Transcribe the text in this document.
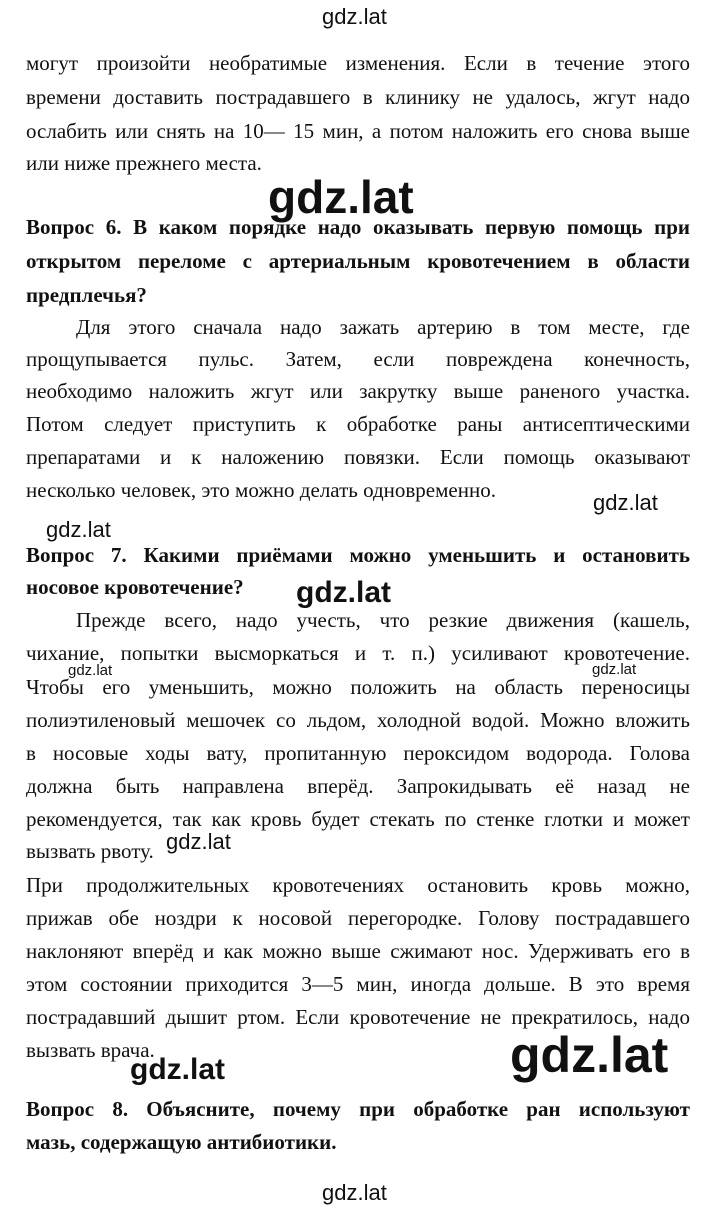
gdz.lat
могут произойти необратимые изменения. Если в течение этого
времени доставить пострадавшего в клинику не удалось, жгут надо
ослабить или снять на 10— 15 мин, а потом наложить его снова выше
или ниже прежнего места.
gdz.lat
Вопрос 6. В каком порядке надо оказывать первую помощь при
открытом переломе с артериальным кровотечением в области
предплечья?
Для этого сначала надо зажать артерию в том месте, где
прощупывается пульс. Затем, если повреждена конечность,
необходимо наложить жгут или закрутку выше раненого участка.
Потом следует приступить к обработке раны антисептическими
препаратами и к наложению повязки. Если помощь оказывают
несколько человек, это можно делать одновременно.	gdz.lat
gdz.lat
Вопрос 7. Какими приёмами можно уменьшить и остановить
носовое кровотечение?	gdz.lat
Прежде всего, надо учесть, что резкие движения (кашель,
чихание, попытки высморкаться и т. п.) усиливают кровотечение.
Чтобы его уменьшить, можно положить на область переносицы
полиэтиленовый мешочек со льдом, холодной водой. Можно вложить
в носовые ходы вату, пропитанную пероксидом водорода. Голова
должна быть направлена вперёд. Запрокидывать её назад не
рекомендуется, так как кровь будет стекать по стенке глотки и может
вызвать рвоту.
gdz.lat	gdz.lat
gdz.lat
При продолжительных кровотечениях остановить кровь можно,
прижав обе ноздри к носовой перегородке. Голову пострадавшего
наклоняют вперёд и как можно выше сжимают нос. Удерживать его в
этом состоянии приходится 3—5 мин, иногда дольше. В это время
пострадавший дышит ртом. Если кровотечение не прекратилось, надо
вызвать врача.
gdz.lat	gdz.lat
Вопрос 8. Объясните, почему при обработке ран используют
мазь, содержащую антибиотики.
gdz.lat
